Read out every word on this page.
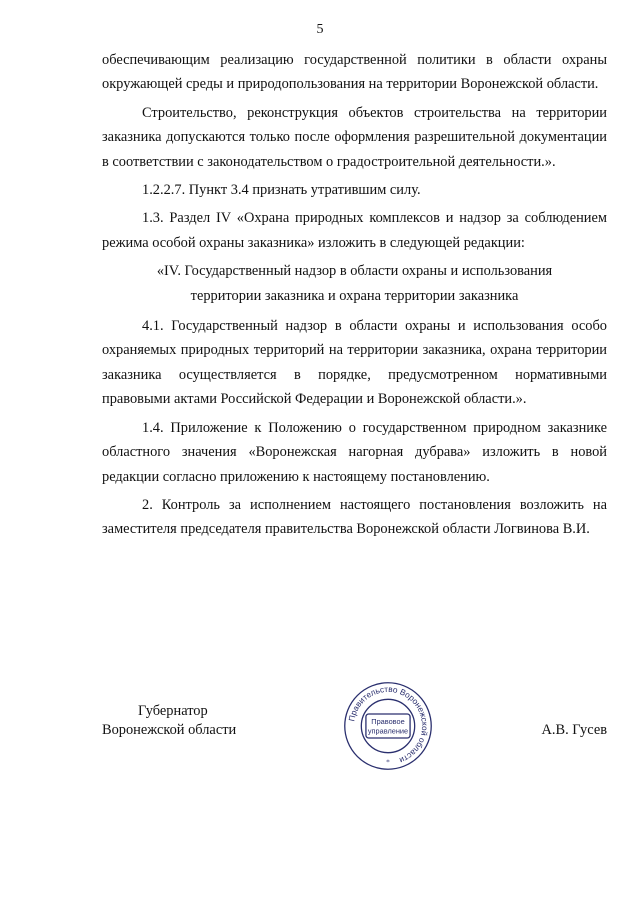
5

обеспечивающим реализацию государственной политики в области охраны окружающей среды и природопользования на территории Воронежской области.

Строительство, реконструкция объектов строительства на территории заказника допускаются только после оформления разрешительной документации в соответствии с законодательством о градостроительной деятельности.».

1.2.2.7. Пункт 3.4 признать утратившим силу.

1.3. Раздел IV «Охрана природных комплексов и надзор за соблюдением режима особой охраны заказника» изложить в следующей редакции:

«IV. Государственный надзор в области охраны и использования
территории заказника и охрана территории заказника

4.1. Государственный надзор в области охраны и использования особо охраняемых природных территорий на территории заказника, охрана территории заказника осуществляется в порядке, предусмотренном нормативными правовыми актами Российской Федерации и Воронежской области.».

1.4. Приложение к Положению о государственном природном заказнике областного значения «Воронежская нагорная дубрава» изложить в новой редакции согласно приложению к настоящему постановлению.

2. Контроль за исполнением настоящего постановления возложить на заместителя председателя правительства Воронежской области Логвинова В.И.

Губернатор
Воронежской области
Правительство Воронежской области
Правовое
управление
*
А.В. Гусев
